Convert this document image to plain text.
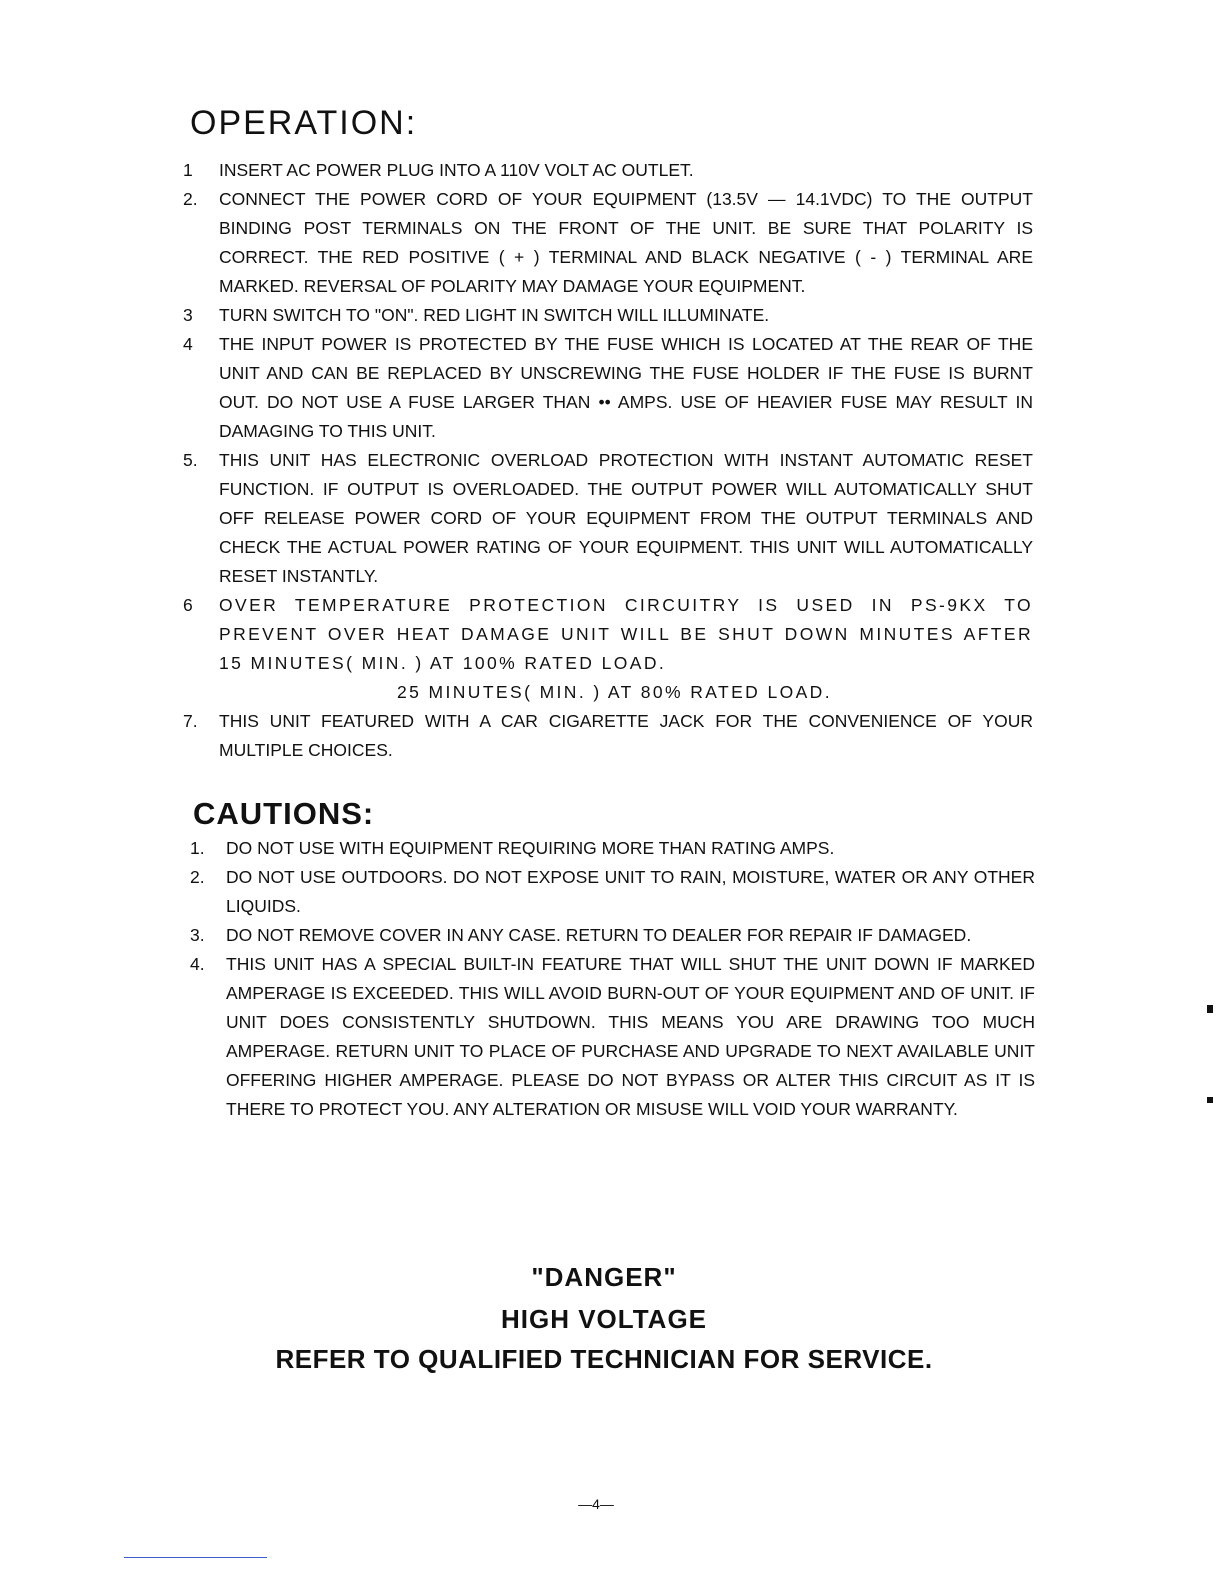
OPERATION:
1 INSERT AC POWER PLUG INTO A 110V VOLT AC OUTLET.
2. CONNECT THE POWER CORD OF YOUR EQUIPMENT (13.5V — 14.1VDC) TO THE OUTPUT BINDING POST TERMINALS ON THE FRONT OF THE UNIT. BE SURE THAT POLARITY IS CORRECT. THE RED POSITIVE ( + ) TERMINAL AND BLACK NEGATIVE ( - ) TERMINAL ARE MARKED. REVERSAL OF POLARITY MAY DAMAGE YOUR EQUIPMENT.
3 TURN SWITCH TO "ON". RED LIGHT IN SWITCH WILL ILLUMINATE.
4 THE INPUT POWER IS PROTECTED BY THE FUSE WHICH IS LOCATED AT THE REAR OF THE UNIT AND CAN BE REPLACED BY UNSCREWING THE FUSE HOLDER IF THE FUSE IS BURNT OUT. DO NOT USE A FUSE LARGER THAN •• AMPS. USE OF HEAVIER FUSE MAY RESULT IN DAMAGING TO THIS UNIT.
5. THIS UNIT HAS ELECTRONIC OVERLOAD PROTECTION WITH INSTANT AUTOMATIC RESET FUNCTION. IF OUTPUT IS OVERLOADED. THE OUTPUT POWER WILL AUTOMATICALLY SHUT OFF RELEASE POWER CORD OF YOUR EQUIPMENT FROM THE OUTPUT TERMINALS AND CHECK THE ACTUAL POWER RATING OF YOUR EQUIPMENT. THIS UNIT WILL AUTOMATICALLY RESET INSTANTLY.
6 OVER TEMPERATURE PROTECTION CIRCUITRY IS USED IN PS-9KX TO PREVENT OVER HEAT DAMAGE UNIT WILL BE SHUT DOWN MINUTES AFTER 15 MINUTES( MIN. ) AT 100% RATED LOAD.
25 MINUTES( MIN. ) AT 80% RATED LOAD.
7. THIS UNIT FEATURED WITH A CAR CIGARETTE JACK FOR THE CONVENIENCE OF YOUR MULTIPLE CHOICES.
CAUTIONS:
1. DO NOT USE WITH EQUIPMENT REQUIRING MORE THAN RATING AMPS.
2. DO NOT USE OUTDOORS. DO NOT EXPOSE UNIT TO RAIN, MOISTURE, WATER OR ANY OTHER LIQUIDS.
3. DO NOT REMOVE COVER IN ANY CASE. RETURN TO DEALER FOR REPAIR IF DAMAGED.
4. THIS UNIT HAS A SPECIAL BUILT-IN FEATURE THAT WILL SHUT THE UNIT DOWN IF MARKED AMPERAGE IS EXCEEDED. THIS WILL AVOID BURN-OUT OF YOUR EQUIPMENT AND OF UNIT. IF UNIT DOES CONSISTENTLY SHUTDOWN. THIS MEANS YOU ARE DRAWING TOO MUCH AMPERAGE. RETURN UNIT TO PLACE OF PURCHASE AND UPGRADE TO NEXT AVAILABLE UNIT OFFERING HIGHER AMPERAGE. PLEASE DO NOT BYPASS OR ALTER THIS CIRCUIT AS IT IS THERE TO PROTECT YOU. ANY ALTERATION OR MISUSE WILL VOID YOUR WARRANTY.

"DANGER"

HIGH VOLTAGE

REFER TO QUALIFIED TECHNICIAN FOR SERVICE.

—4—
